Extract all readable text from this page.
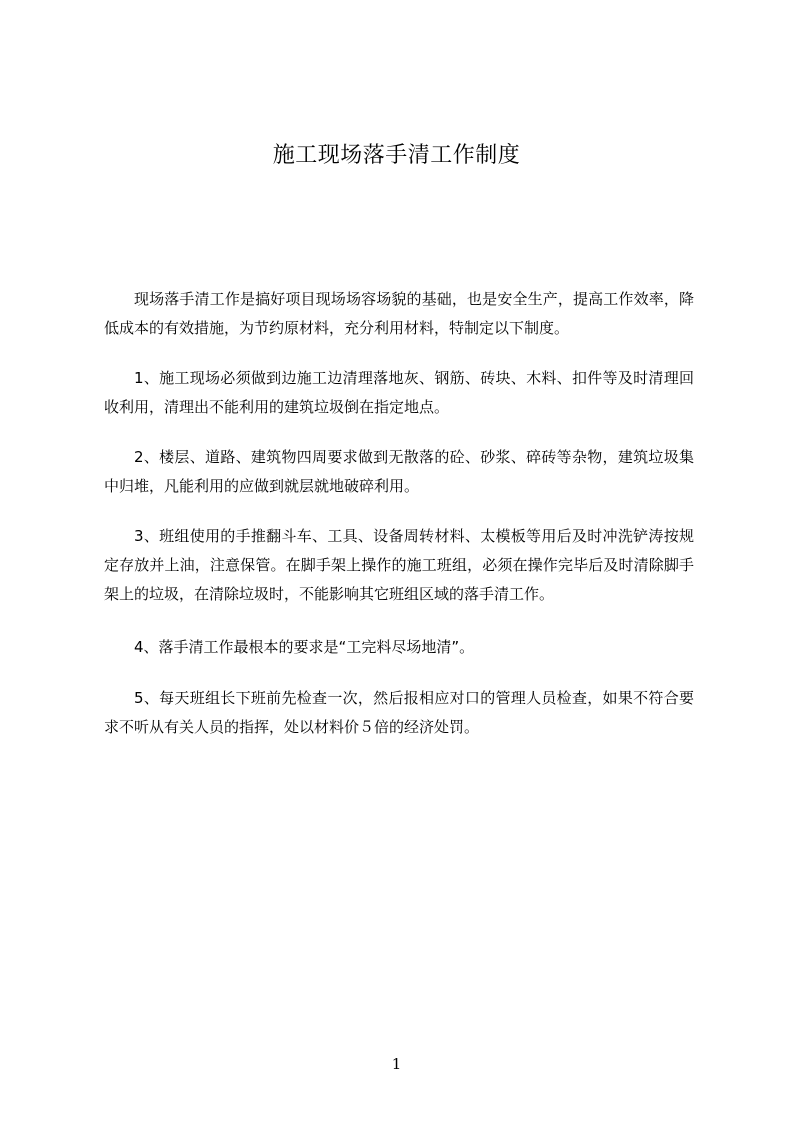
施工现场落手清工作制度

现场落手清工作是搞好项目现场场容场貌的基础，也是安全生产，提高工作效率，降低成本的有效措施，为节约原材料，充分利用材料，特制定以下制度。

1、施工现场必须做到边施工边清理落地灰、钢筋、砖块、木料、扣件等及时清理回收利用，清理出不能利用的建筑垃圾倒在指定地点。

2、楼层、道路、建筑物四周要求做到无散落的砼、砂浆、碎砖等杂物，建筑垃圾集中归堆，凡能利用的应做到就层就地破碎利用。

3、班组使用的手推翻斗车、工具、设备周转材料、太模板等用后及时冲洗铲涛按规定存放并上油，注意保管。在脚手架上操作的施工班组，必须在操作完毕后及时清除脚手架上的垃圾，在清除垃圾时，不能影响其它班组区域的落手清工作。

4、落手清工作最根本的要求是“工完料尽场地清”。

5、每天班组长下班前先检查一次，然后报相应对口的管理人员检查，如果不符合要求不听从有关人员的指挥，处以材料价５倍的经济处罚。

1
